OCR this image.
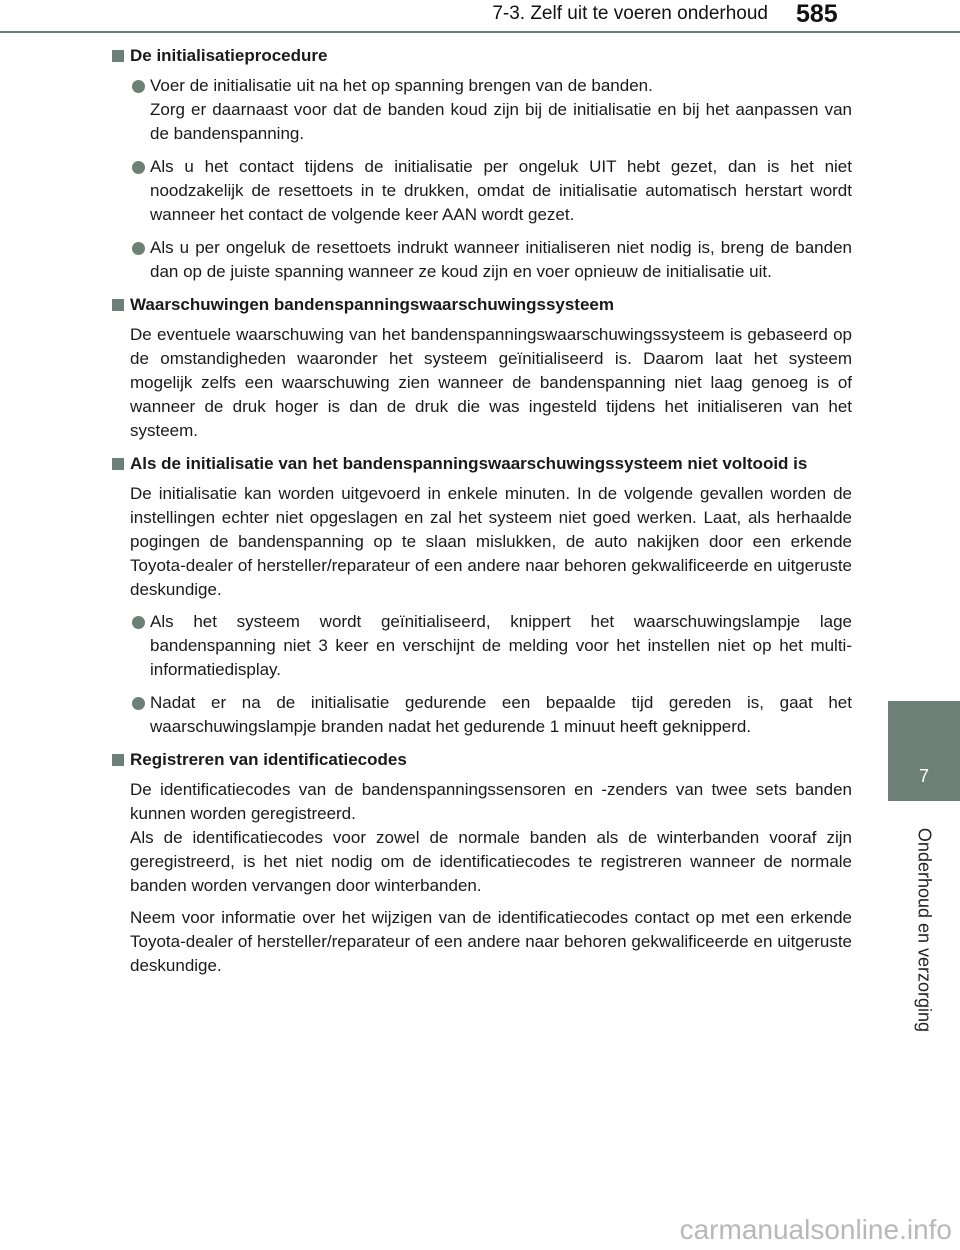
7-3. Zelf uit te voeren onderhoud 585
7
Onderhoud en verzorging
De initialisatieprocedure
Voer de initialisatie uit na het op spanning brengen van de banden.
Zorg er daarnaast voor dat de banden koud zijn bij de initialisatie en bij het aanpassen van de bandenspanning.
Als u het contact tijdens de initialisatie per ongeluk UIT hebt gezet, dan is het niet noodzakelijk de resettoets in te drukken, omdat de initialisatie automatisch herstart wordt wanneer het contact de volgende keer AAN wordt gezet.
Als u per ongeluk de resettoets indrukt wanneer initialiseren niet nodig is, breng de banden dan op de juiste spanning wanneer ze koud zijn en voer opnieuw de initialisatie uit.
Waarschuwingen bandenspanningswaarschuwingssysteem

De eventuele waarschuwing van het bandenspanningswaarschuwingssysteem is gebaseerd op de omstandigheden waaronder het systeem geïnitialiseerd is. Daarom laat het systeem mogelijk zelfs een waarschuwing zien wanneer de bandenspanning niet laag genoeg is of wanneer de druk hoger is dan de druk die was ingesteld tijdens het initialiseren van het systeem.

Als de initialisatie van het bandenspanningswaarschuwingssysteem niet voltooid is

De initialisatie kan worden uitgevoerd in enkele minuten. In de volgende gevallen worden de instellingen echter niet opgeslagen en zal het systeem niet goed werken. Laat, als herhaalde pogingen de bandenspanning op te slaan mislukken, de auto nakijken door een erkende Toyota-dealer of hersteller/reparateur of een andere naar behoren gekwalificeerde en uitgeruste deskundige.

Als het systeem wordt geïnitialiseerd, knippert het waarschuwingslampje lage bandenspanning niet 3 keer en verschijnt de melding voor het instellen niet op het multi-informatiedisplay.
Nadat er na de initialisatie gedurende een bepaalde tijd gereden is, gaat het waarschuwingslampje branden nadat het gedurende 1 minuut heeft geknipperd.
Registreren van identificatiecodes

De identificatiecodes van de bandenspanningssensoren en -zenders van twee sets banden kunnen worden geregistreerd.

Als de identificatiecodes voor zowel de normale banden als de winterbanden vooraf zijn geregistreerd, is het niet nodig om de identificatiecodes te registreren wanneer de normale banden worden vervangen door winterbanden.

Neem voor informatie over het wijzigen van de identificatiecodes contact op met een erkende Toyota-dealer of hersteller/reparateur of een andere naar behoren gekwalificeerde en uitgeruste deskundige.

carmanualsonline.info
